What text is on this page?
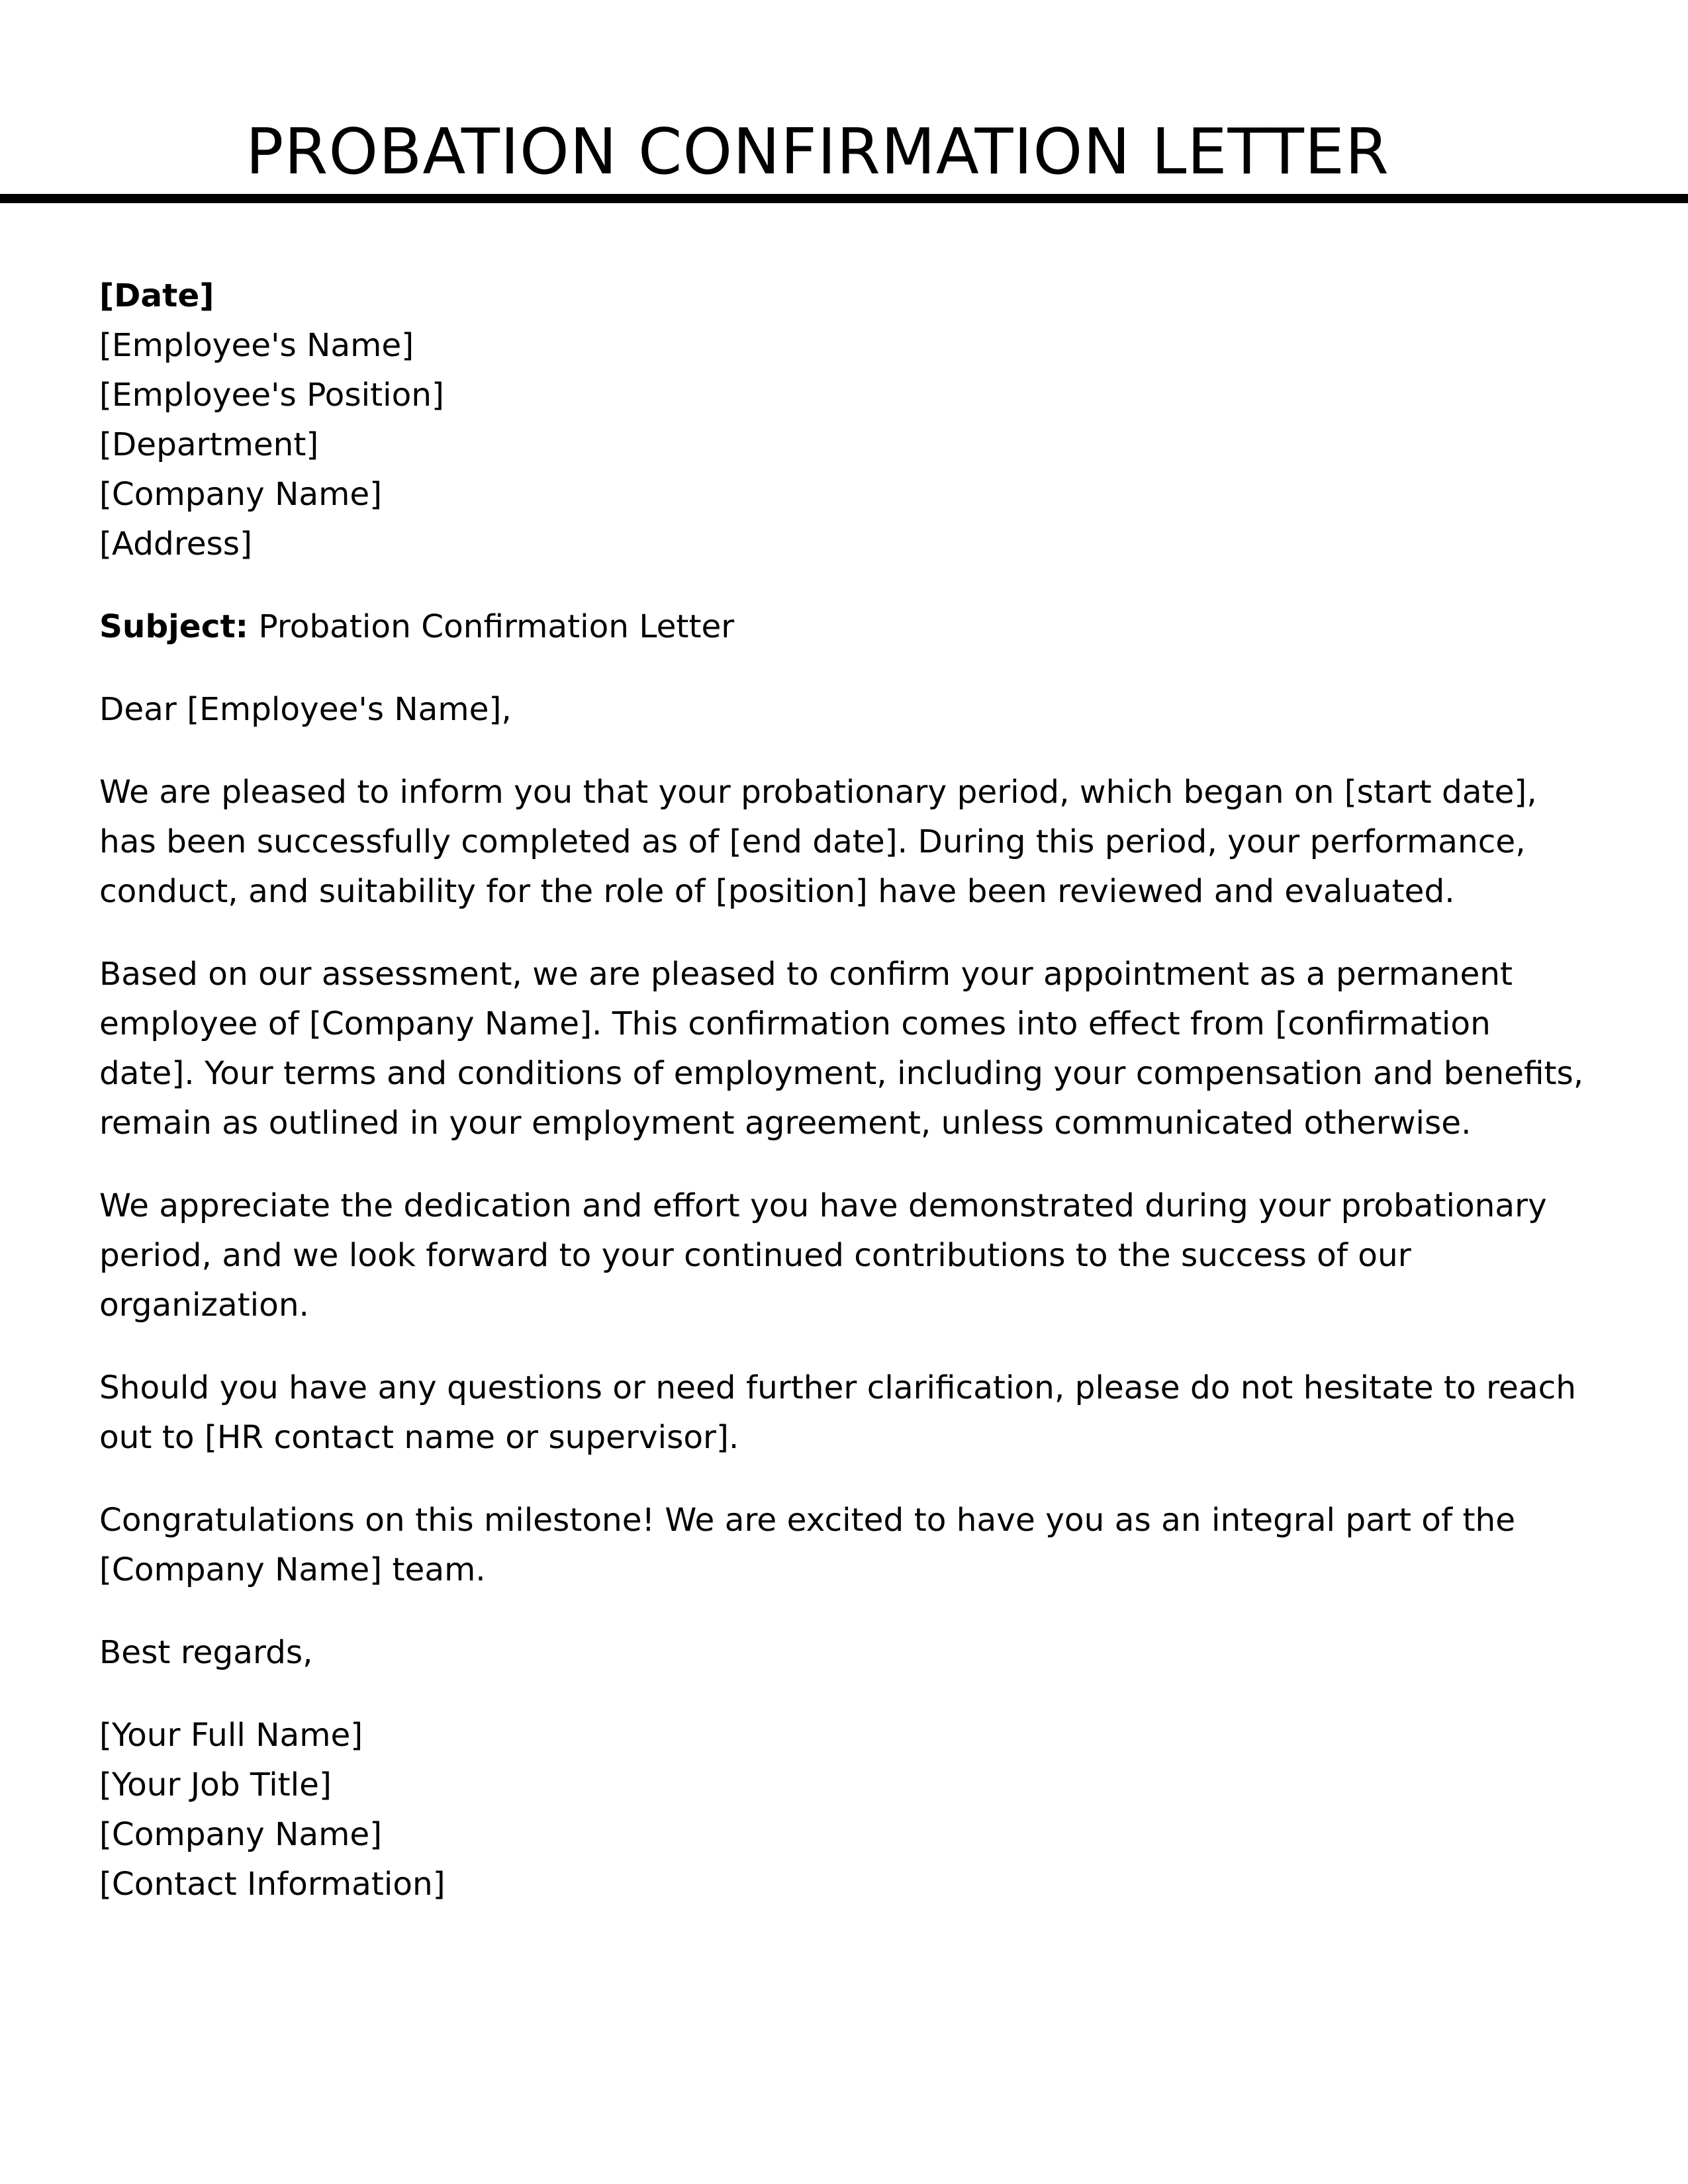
PROBATION CONFIRMATION LETTER
[Date]
[Employee's Name]
[Employee's Position]
[Department]
[Company Name]
[Address]

Subject: Probation Confirmation Letter

Dear [Employee's Name],

We are pleased to inform you that your probationary period, which began on [start date], has been successfully completed as of [end date]. During this period, your performance, conduct, and suitability for the role of [position] have been reviewed and evaluated.

Based on our assessment, we are pleased to confirm your appointment as a permanent employee of [Company Name]. This confirmation comes into effect from [confirmation date]. Your terms and conditions of employment, including your compensation and benefits, remain as outlined in your employment agreement, unless communicated otherwise.

We appreciate the dedication and effort you have demonstrated during your probationary period, and we look forward to your continued contributions to the success of our organization.

Should you have any questions or need further clarification, please do not hesitate to reach out to [HR contact name or supervisor].

Congratulations on this milestone! We are excited to have you as an integral part of the [Company Name] team.

Best regards,

[Your Full Name]
[Your Job Title]
[Company Name]
[Contact Information]
